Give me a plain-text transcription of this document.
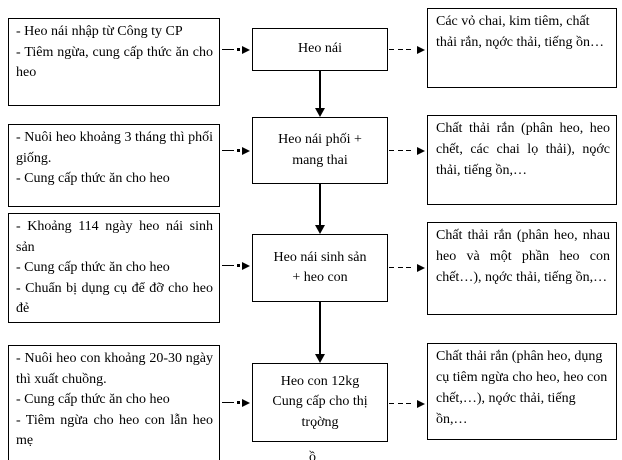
- Heo nái nhập từ Công ty CP
- Tiêm ngừa, cung cấp thức ăn cho heo
Heo nái
Các vỏ chai, kim tiêm, chất thải rắn, nǫớc thải, tiếng ồn…
- Nuôi heo khoảng 3 tháng thì phối giống.
- Cung cấp thức ăn cho heo
Heo nái phối +
mang thai
Chất thải rắn (phân heo, heo chết, các chai lọ thải), nǫớc thải, tiếng ồn,…
- Khoảng 114 ngày heo nái sinh sản
- Cung cấp thức ăn cho heo
- Chuẩn bị dụng cụ để đỡ cho heo đẻ
Heo nái sinh sản
+ heo con
Chất thải rắn (phân heo, nhau heo và một phần heo con chết…), nǫớc thải, tiếng ồn,…
- Nuôi heo con khoảng 20-30 ngày thì xuất chuồng.
- Cung cấp thức ăn cho heo
- Tiêm ngừa cho heo con lẫn heo mẹ
Heo con 12kg
Cung cấp cho thị
trǫờng
Chất thải rắn (phân heo, dụng cụ tiêm ngừa cho heo, heo con chết,…), nǫớc thải, tiếng ồn,…
ồ
